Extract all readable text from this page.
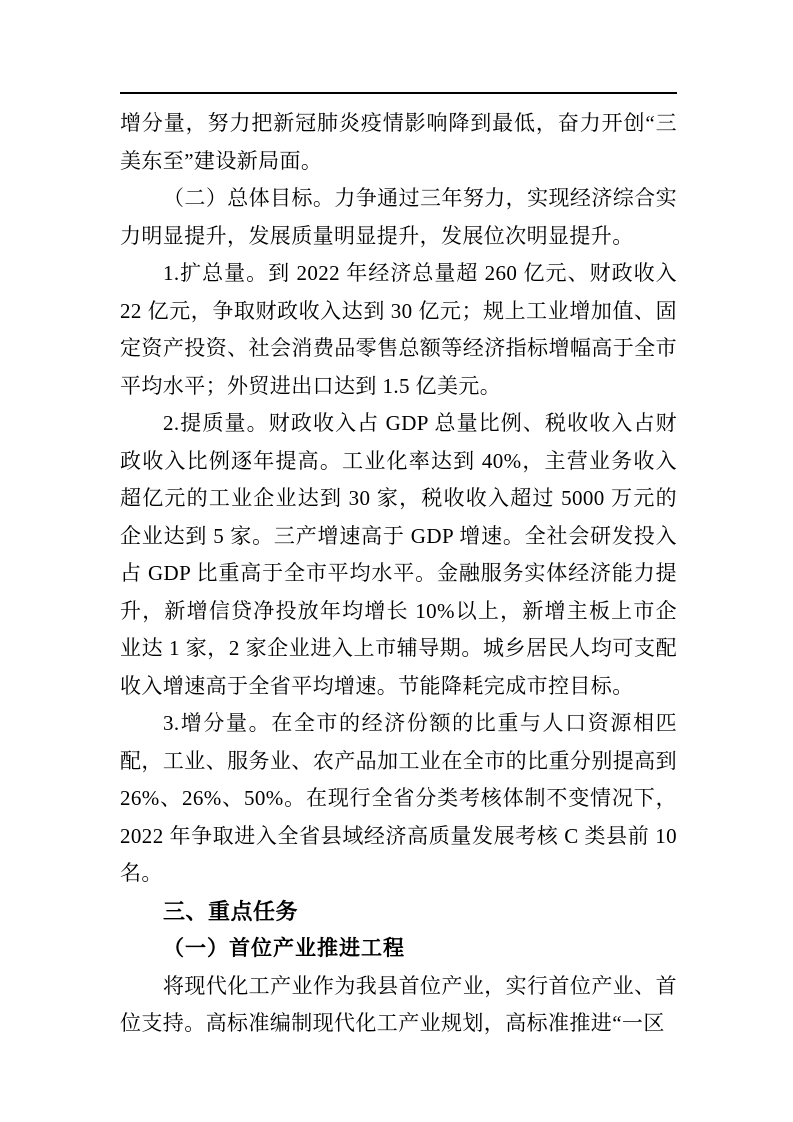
增分量，努力把新冠肺炎疫情影响降到最低，奋力开创“三美东至”建设新局面。

（二）总体目标。力争通过三年努力，实现经济综合实力明显提升，发展质量明显提升，发展位次明显提升。

1.扩总量。到 2022 年经济总量超 260 亿元、财政收入 22 亿元，争取财政收入达到 30 亿元；规上工业增加值、固定资产投资、社会消费品零售总额等经济指标增幅高于全市平均水平；外贸进出口达到 1.5 亿美元。

2.提质量。财政收入占 GDP 总量比例、税收收入占财政收入比例逐年提高。工业化率达到 40%，主营业务收入超亿元的工业企业达到 30 家，税收收入超过 5000 万元的企业达到 5 家。三产增速高于 GDP 增速。全社会研发投入占 GDP 比重高于全市平均水平。金融服务实体经济能力提升，新增信贷净投放年均增长 10%以上，新增主板上市企业达 1 家，2 家企业进入上市辅导期。城乡居民人均可支配收入增速高于全省平均增速。节能降耗完成市控目标。

3.增分量。在全市的经济份额的比重与人口资源相匹配，工业、服务业、农产品加工业在全市的比重分别提高到 26%、26%、50%。在现行全省分类考核体制不变情况下，2022 年争取进入全省县域经济高质量发展考核 C 类县前 10 名。

三、重点任务
（一）首位产业推进工程

将现代化工产业作为我县首位产业，实行首位产业、首位支持。高标准编制现代化工产业规划，高标准推进“一区
